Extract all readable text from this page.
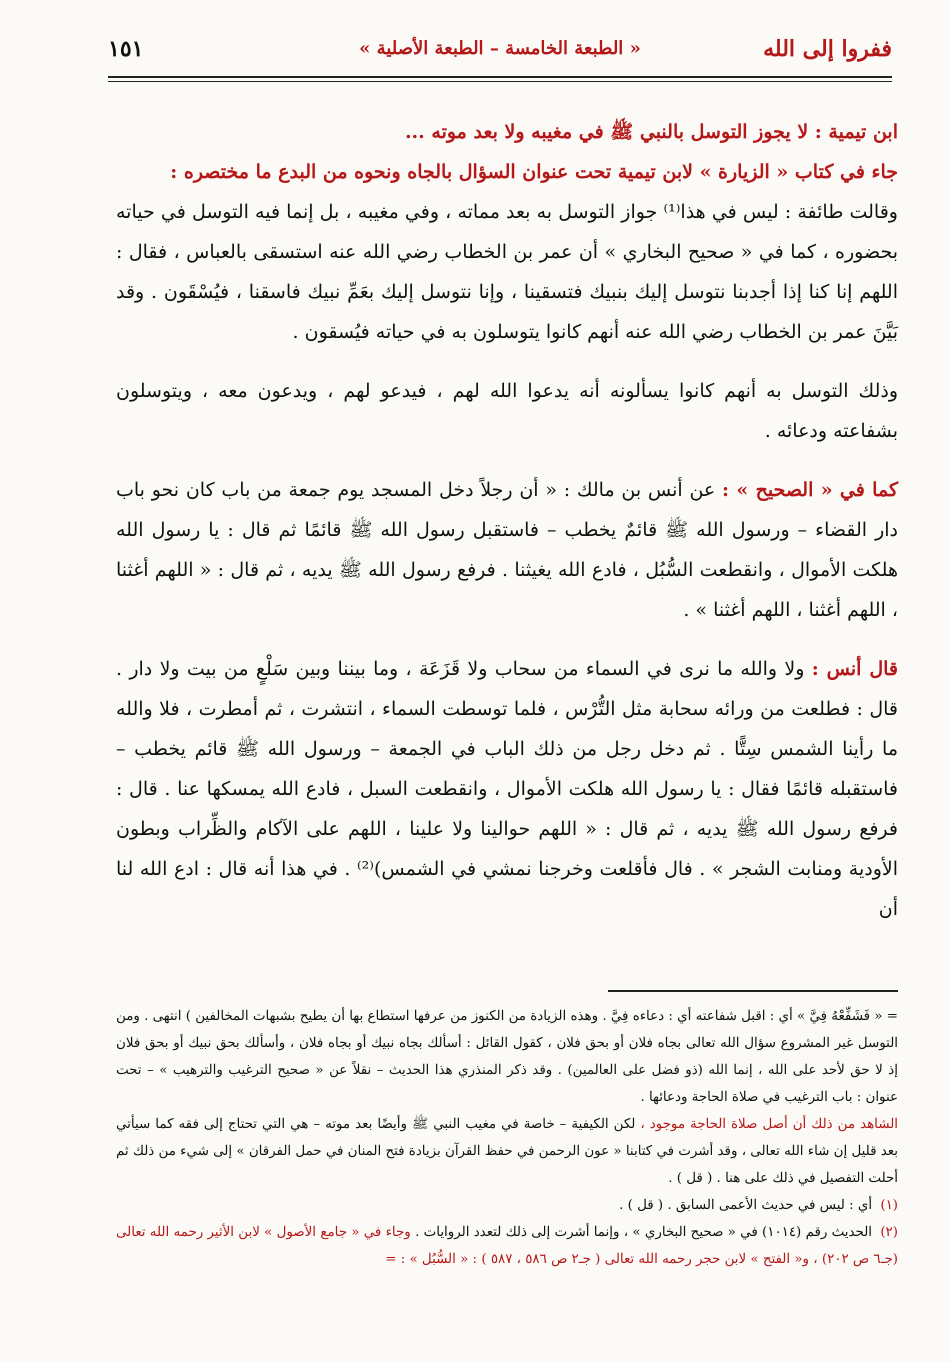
ففروا إلى الله
« الطبعة الخامسة – الطبعة الأصلية »
١٥١
ابن تيمية : لا يجوز التوسل بالنبي ﷺ في مغيبه ولا بعد موته ...
جاء في كتاب « الزيارة » لابن تيمية تحت عنوان السؤال بالجاه ونحوه من البدع ما مختصره :

وقالت طائفة : ليس في هذا⁽¹⁾ جواز التوسل به بعد مماته ، وفي مغيبه ، بل إنما فيه التوسل في حياته بحضوره ، كما في « صحيح البخاري » أن عمر بن الخطاب رضي الله عنه استسقى بالعباس ، فقال : اللهم إنا كنا إذا أجدبنا نتوسل إليك بنبيك فتسقينا ، وإنا نتوسل إليك بعَمِّ نبيك فاسقنا ، فيُسْقَون . وقد بَيَّنَ عمر بن الخطاب رضي الله عنه أنهم كانوا يتوسلون به في حياته فيُسقون .

وذلك التوسل به أنهم كانوا يسألونه أنه يدعوا الله لهم ، فيدعو لهم ، ويدعون معه ، ويتوسلون بشفاعته ودعائه .

كما في « الصحيح » : عن أنس بن مالك : « أن رجلاً دخل المسجد يوم جمعة من باب كان نحو باب دار القضاء – ورسول الله ﷺ قائمٌ يخطب – فاستقبل رسول الله ﷺ قائمًا ثم قال : يا رسول الله هلكت الأموال ، وانقطعت السُّبُل ، فادع الله يغيثنا . فرفع رسول الله ﷺ يديه ، ثم قال : « اللهم أغثنا ، اللهم أغثنا ، اللهم أغثنا » .

قال أنس : ولا والله ما نرى في السماء من سحاب ولا قَزَعَة ، وما بيننا وبين سَلْعٍ من بيت ولا دار . قال : فطلعت من ورائه سحابة مثل التُّرْس ، فلما توسطت السماء ، انتشرت ، ثم أمطرت ، فلا والله ما رأينا الشمس سِتًّا . ثم دخل رجل من ذلك الباب في الجمعة – ورسول الله ﷺ قائم يخطب – فاستقبله قائمًا فقال : يا رسول الله هلكت الأموال ، وانقطعت السبل ، فادع الله يمسكها عنا . قال : فرفع رسول الله ﷺ يديه ، ثم قال : « اللهم حوالينا ولا علينا ، اللهم على الآكام والظِّراب وبطون الأودية ومنابت الشجر » . فال فأقلعت وخرجنا نمشي في الشمس)⁽²⁾ . في هذا أنه قال : ادع الله لنا أن

= « فَشَفِّعْهُ فِيَّ » أي : اقبل شفاعته أي : دعاءه فِيَّ . وهذه الزيادة من الكنوز من عرفها استطاع بها أن يطيح بشبهات المخالفين ) انتهى . ومن التوسل غير المشروع سؤال الله تعالى بجاه فلان أو بحق فلان ، كقول القائل : أسألك بجاه نبيك أو بجاه فلان ، وأسألك بحق نبيك أو بحق فلان إذ لا حق لأحد على الله ، إنما الله (ذو فضل على العالمين) . وقد ذكر المنذري هذا الحديث – نقلاً عن « صحيح الترغيب والترهيب » – تحت عنوان : باب الترغيب في صلاة الحاجة ودعائها .

الشاهد من ذلك أن أصل صلاة الحاجة موجود ، لكن الكيفية – خاصة في مغيب النبي ﷺ وأيضًا بعد موته – هي التي تحتاج إلى فقه كما سيأتي بعد قليل إن شاء الله تعالى ، وقد أشرت في كتابنا « عون الرحمن في حفظ القرآن بزيادة فتح المنان في حمل الفرقان » إلى شيء من ذلك ثم أحلت التفصيل في ذلك على هنا . ( قل ) .

(١) أي : ليس في حديث الأعمى السابق . ( قل ) .

(٢) الحديث رقم (١٠١٤) في « صحيح البخاري » ، وإنما أشرت إلى ذلك لتعدد الروايات . وجاء في « جامع الأصول » لابن الأثير رحمه الله تعالى (جـ٦ ص ٢٠٢) ، و« الفتح » لابن حجر رحمه الله تعالى ( جـ٢ ص ٥٨٦ ، ٥٨٧ ) : « السُّبُل » : =
